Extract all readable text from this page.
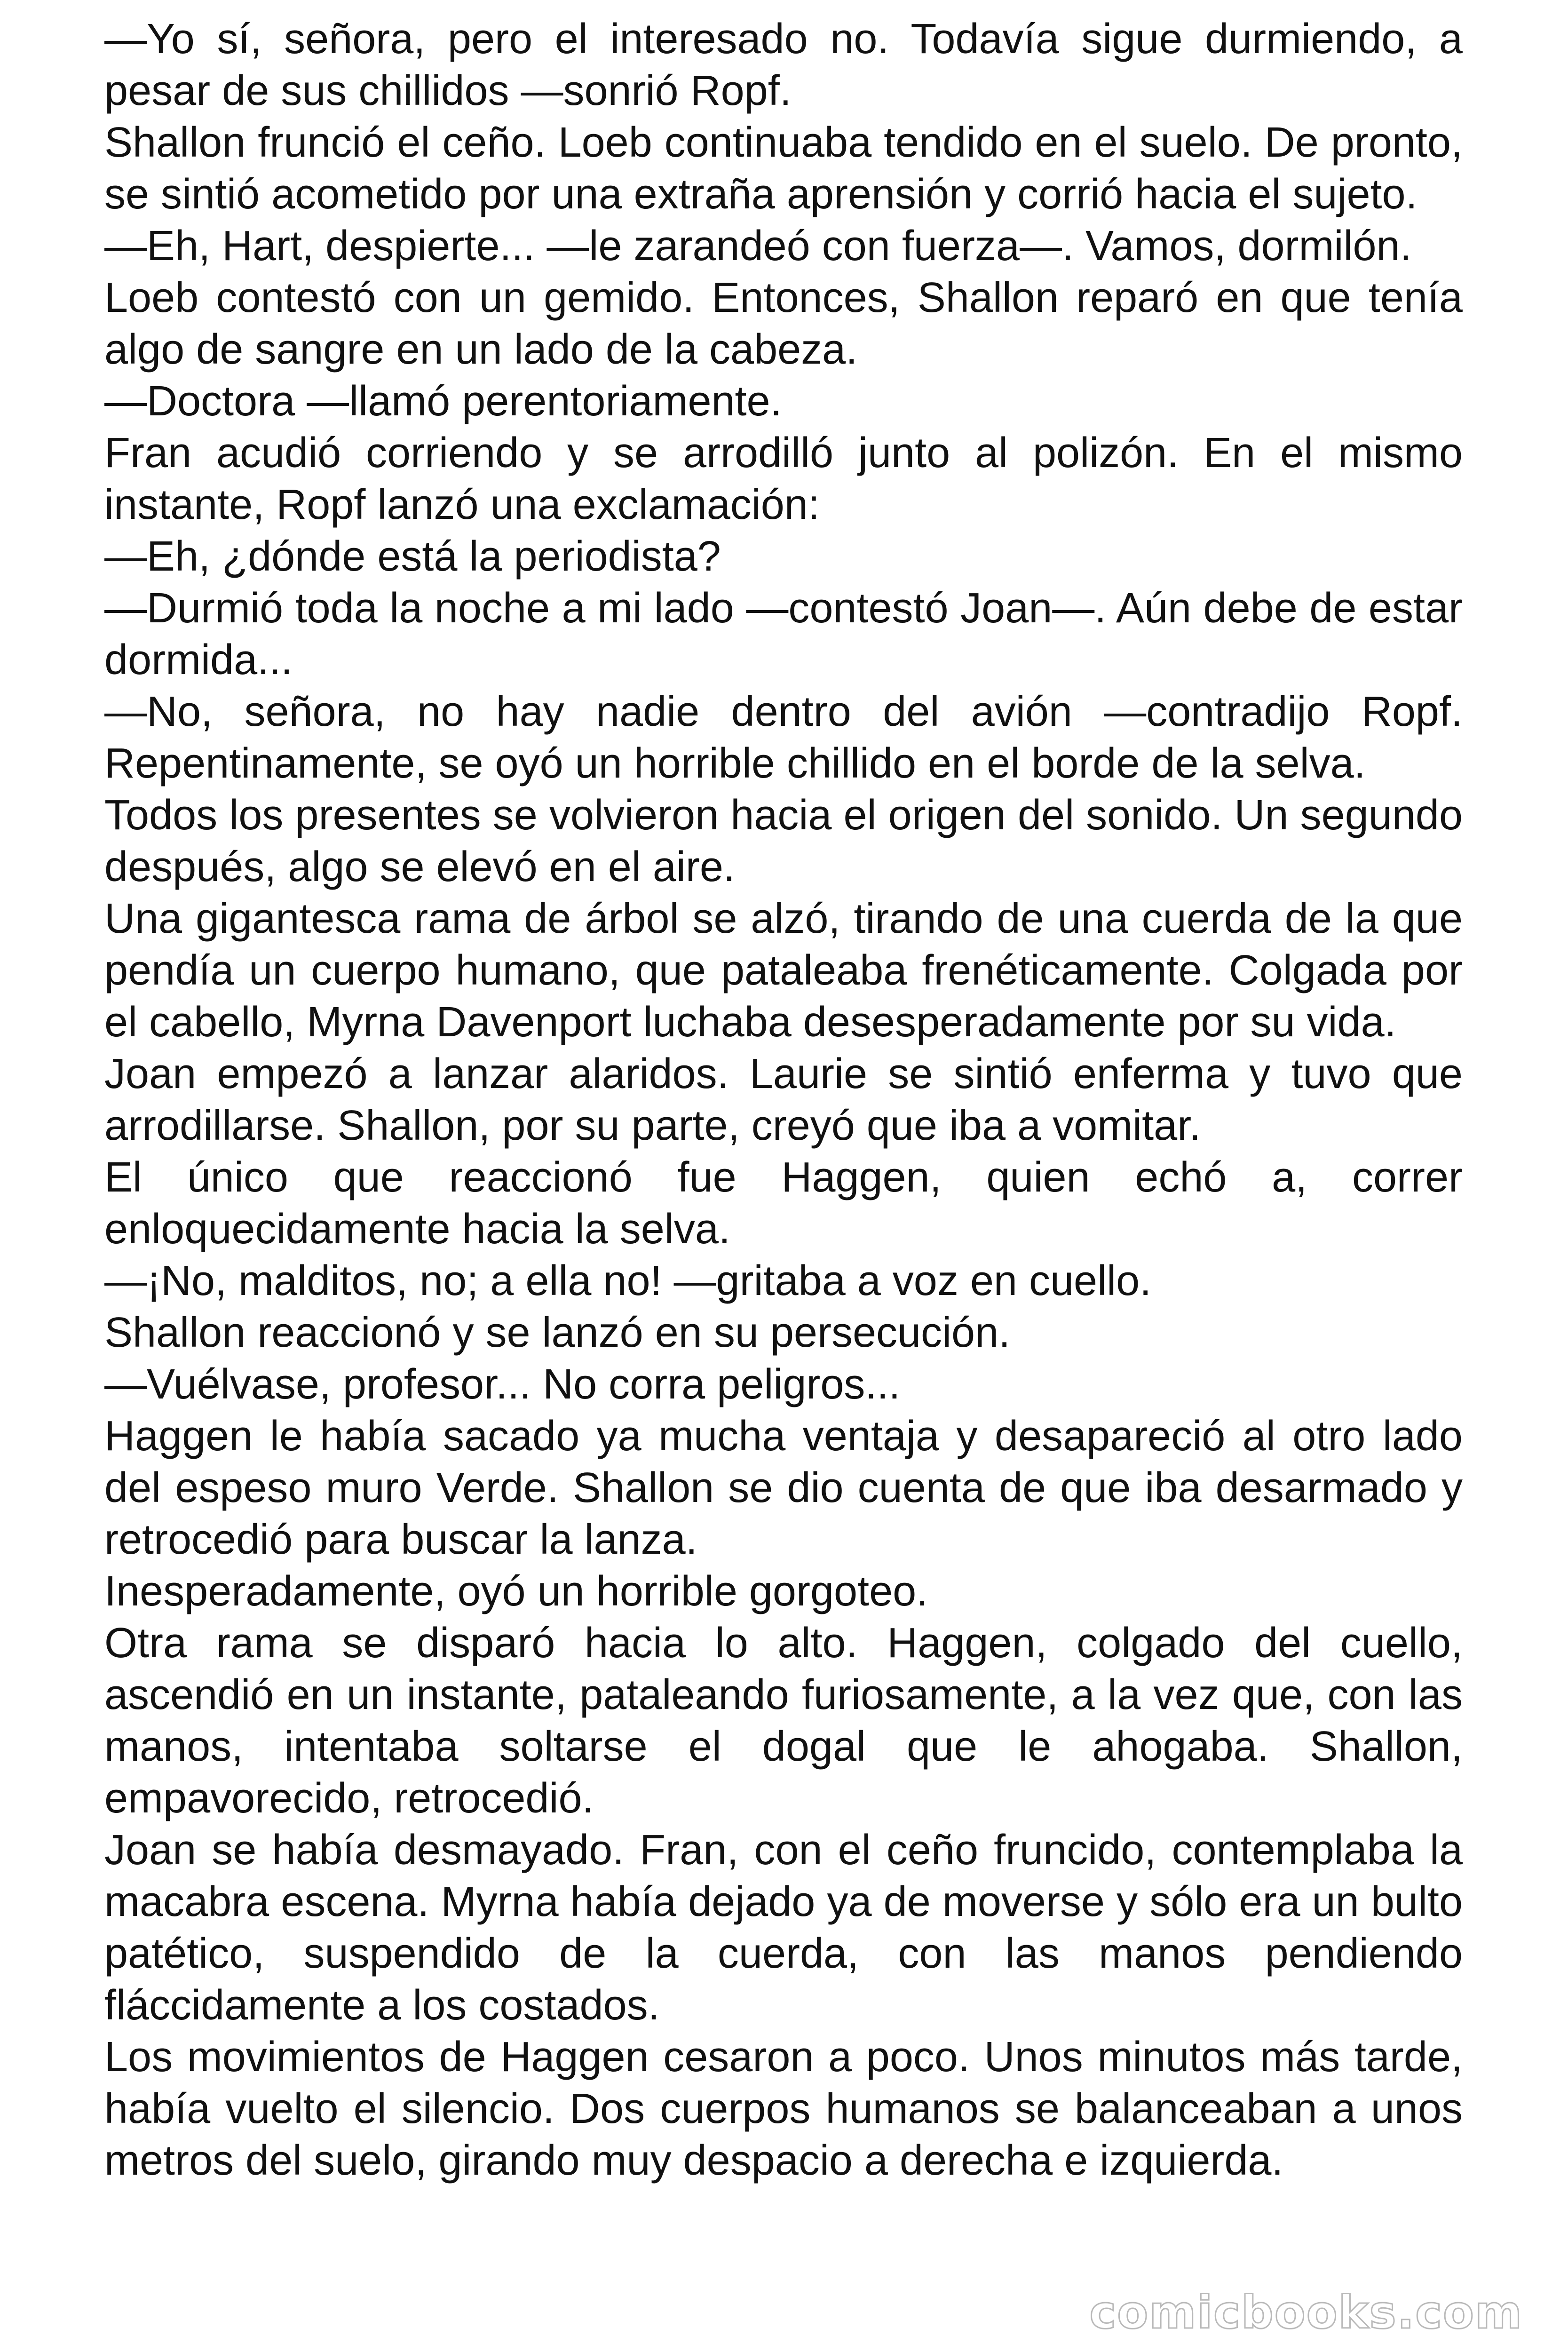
—Yo sí, señora, pero el interesado no. Todavía sigue durmiendo, a pesar de sus chillidos —sonrió Ropf.

Shallon frunció el ceño. Loeb continuaba tendido en el suelo. De pronto, se sintió acometido por una extraña aprensión y corrió hacia el sujeto.

—Eh, Hart, despierte... —le zarandeó con fuerza—. Vamos, dormilón.

Loeb contestó con un gemido. Entonces, Shallon reparó en que tenía algo de sangre en un lado de la cabeza.

—Doctora —llamó perentoriamente.

Fran acudió corriendo y se arrodilló junto al polizón. En el mismo instante, Ropf lanzó una exclamación:

—Eh, ¿dónde está la periodista?

—Durmió toda la noche a mi lado —contestó Joan—. Aún debe de estar dormida...

—No, señora, no hay nadie dentro del avión —contradijo Ropf. Repentinamente, se oyó un horrible chillido en el borde de la selva.

Todos los presentes se volvieron hacia el origen del sonido. Un segundo después, algo se elevó en el aire.

Una gigantesca rama de árbol se alzó, tirando de una cuerda de la que pendía un cuerpo humano, que pataleaba frenéticamente. Colgada por el cabello, Myrna Davenport luchaba desesperadamente por su vida.

Joan empezó a lanzar alaridos. Laurie se sintió enferma y tuvo que arrodillarse. Shallon, por su parte, creyó que iba a vomitar.

El único que reaccionó fue Haggen, quien echó a, correr enloquecidamente hacia la selva.

—¡No, malditos, no; a ella no! —gritaba a voz en cuello.

Shallon reaccionó y se lanzó en su persecución.

—Vuélvase, profesor... No corra peligros...

Haggen le había sacado ya mucha ventaja y desapareció al otro lado del espeso muro Verde. Shallon se dio cuenta de que iba desarmado y retrocedió para buscar la lanza.

Inesperadamente, oyó un horrible gorgoteo.

Otra rama se disparó hacia lo alto. Haggen, colgado del cuello, ascendió en un instante, pataleando furiosamente, a la vez que, con las manos, intentaba soltarse el dogal que le ahogaba. Shallon, empavorecido, retrocedió.

Joan se había desmayado. Fran, con el ceño fruncido, contemplaba la macabra escena. Myrna había dejado ya de moverse y sólo era un bulto patético, suspendido de la cuerda, con las manos pendiendo fláccidamente a los costados.

Los movimientos de Haggen cesaron a poco. Unos minutos más tarde, había vuelto el silencio. Dos cuerpos humanos se balanceaban a unos metros del suelo, girando muy despacio a derecha e izquierda.

comicbooks.com
